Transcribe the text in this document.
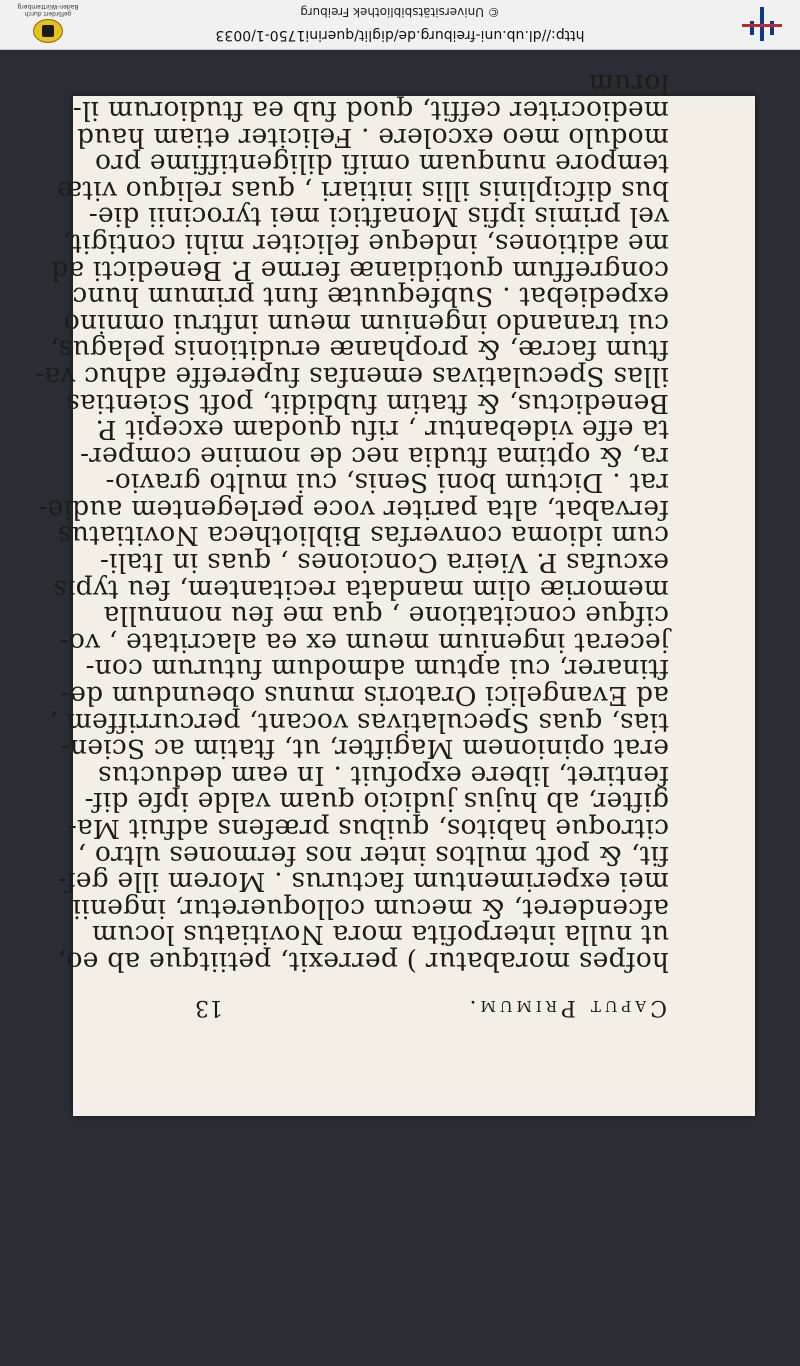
Caput Primum.
13
hofpes morabatur ) perrexit, petiitque ab eo,
ut nulla interpofita mora Novitiatus locum
afcenderet, & mecum colloqueretur, ingenii
mei experimentum facturus . Morem ille gef-
fit, & poft multos inter nos fermones ultro ,
citroque habitos, quibus præfens adfuit Ma-
gifter, ab hujus judicio quam valde ipfe dif-
fentiret, libere expofuit . In eam deductus
erat opinionem Magifter, ut, ftatim ac Scien-
tias, quas Speculativas vocant, percurriffem ,
ad Evangelici Oratoris munus obeundum de-
ftinarer, cui aptum admodum futurum con-
jecerat ingenium meum ex ea alacritate , vo-
cifque concitatione , qua me feu nonnulla
memoriæ olim mandata recitantem, feu typis
excufas P. Vieira Conciones , quas in Itali-
cum idioma converfas Bibliotheca Novitiatus
fervabat, alta pariter voce perlegentem audie-
rat . Dictum boni Senis, cui multo gravio-
ra, & optima ftudia nec de nomine comper-
ta effe videbantur , rifu quodam excepit P.
Benedictus, & ftatim fubdidit, poft Scientias
illas Speculativas emenfas fupereffe adhuc va-
ftum facræ, & prophanæ eruditionis pelagus,
cui tranando ingenium meum inftrui omnino
expediebat . Subfequutæ funt primum hunc
congreffum quotidianæ ferme P. Benedicti ad
me aditiones, indeque feliciter mihi contigit,
vel primis ipfis Monaftici mei tyrocinii die-
bus difciplinis illis initiari , quas reliquo vitæ
tempore nunquam omifi diligentiffime pro
modulo meo excolere . Feliciter etiam haud
mediocriter ceffit, quod fub ea ftudiorum il-
lorum
http://dl.ub.uni-freiburg.de/diglit/querini1750-1/0033
© Universitätsbibliothek Freiburg
gefördert durch
Baden-Württemberg
